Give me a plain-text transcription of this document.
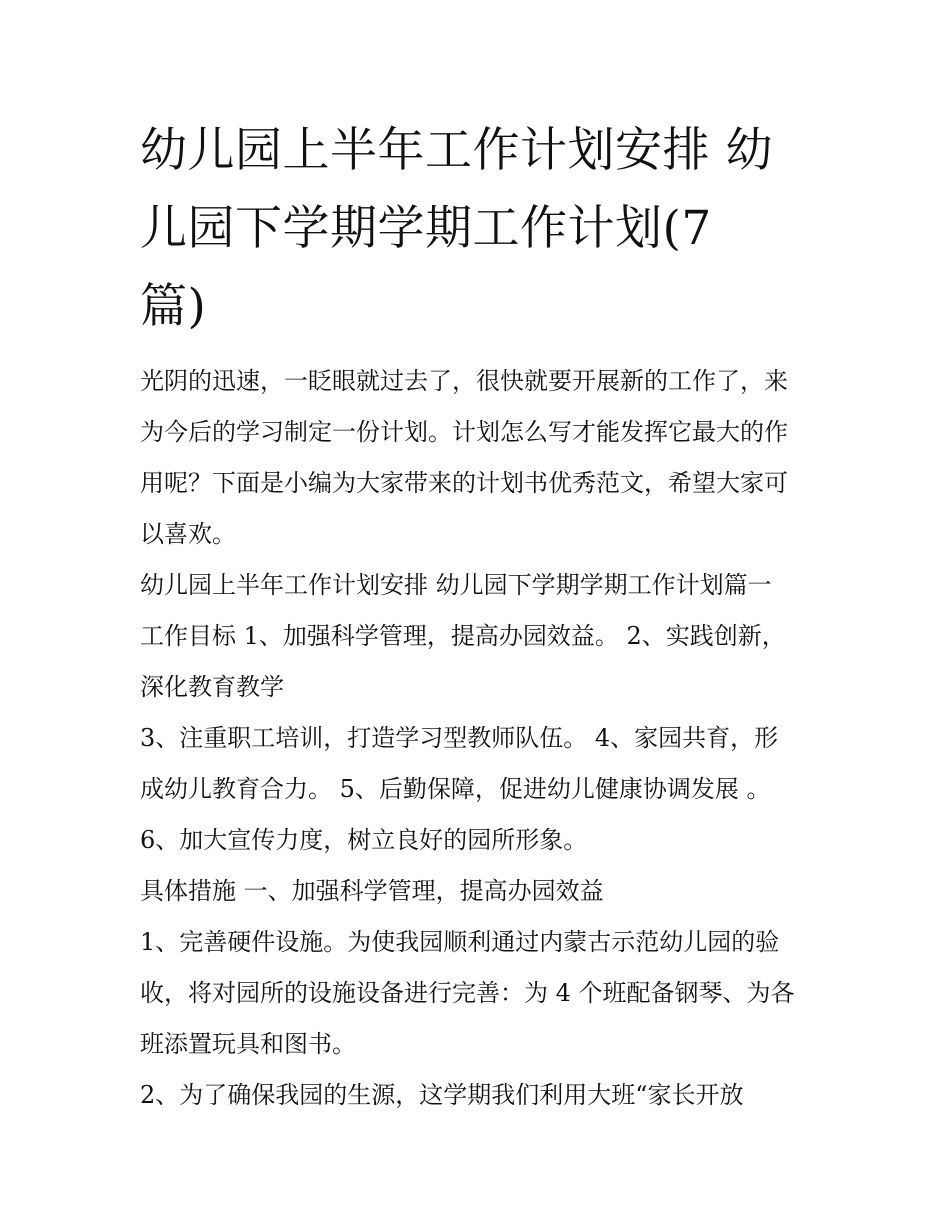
幼儿园上半年工作计划安排 幼
儿园下学期学期工作计划(7
篇)
光阴的迅速，一眨眼就过去了，很快就要开展新的工作了，来
为今后的学习制定一份计划。计划怎么写才能发挥它最大的作
用呢？下面是小编为大家带来的计划书优秀范文，希望大家可
以喜欢。
幼儿园上半年工作计划安排 幼儿园下学期学期工作计划篇一
工作目标 1、加强科学管理，提高办园效益。 2、实践创新，
深化教育教学
3、注重职工培训，打造学习型教师队伍。 4、家园共育，形
成幼儿教育合力。 5、后勤保障，促进幼儿健康协调发展 。
6、加大宣传力度，树立良好的园所形象。
具体措施 一、加强科学管理，提高办园效益
1、完善硬件设施。为使我园顺利通过内蒙古示范幼儿园的验
收，将对园所的设施设备进行完善：为 4 个班配备钢琴、为各
班添置玩具和图书。
2、为了确保我园的生源，这学期我们利用大班“家长开放
